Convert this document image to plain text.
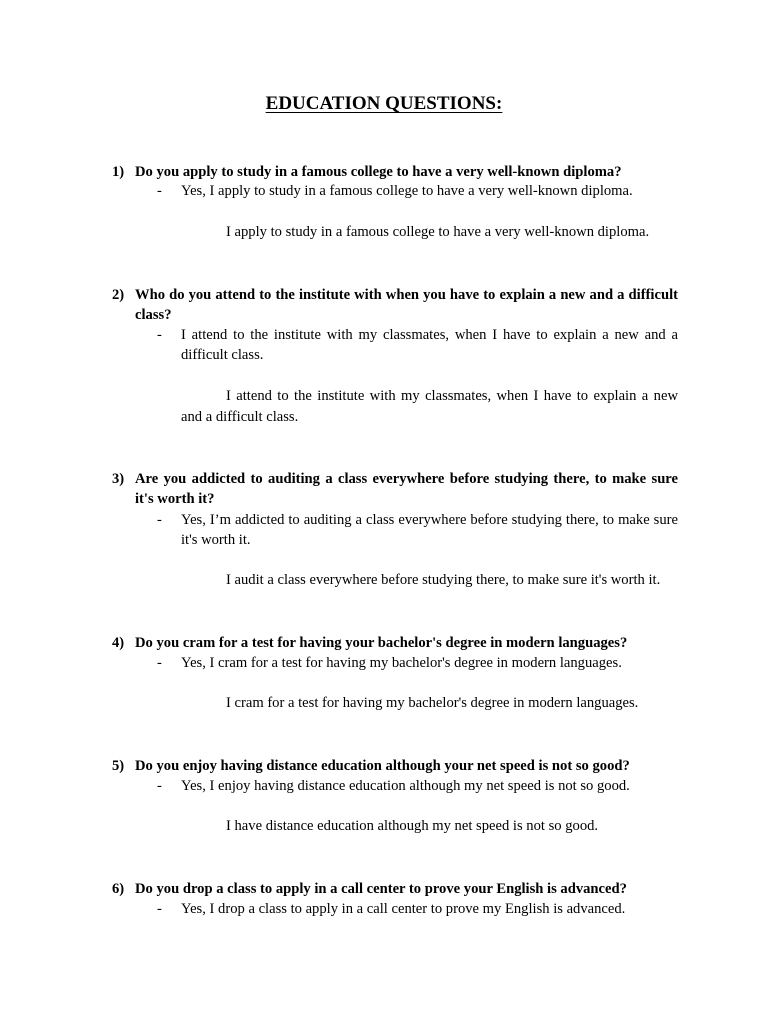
EDUCATION QUESTIONS:
1) Do you apply to study in a famous college to have a very well-known diploma?
- Yes, I apply to study in a famous college to have a very well-known diploma.
I apply to study in a famous college to have a very well-known diploma.
2) Who do you attend to the institute with when you have to explain a new and a difficult class?
- I attend to the institute with my classmates, when I have to explain a new and a difficult class.
I attend to the institute with my classmates, when I have to explain a new and a difficult class.
3) Are you addicted to auditing a class everywhere before studying there, to make sure it's worth it?
- Yes, I’m addicted to auditing a class everywhere before studying there, to make sure it's worth it.
I audit a class everywhere before studying there, to make sure it's worth it.
4) Do you cram for a test for having your bachelor's degree in modern languages?
- Yes, I cram for a test for having my bachelor's degree in modern languages.
I cram for a test for having my bachelor's degree in modern languages.
5) Do you enjoy having distance education although your net speed is not so good?
- Yes, I enjoy having distance education although my net speed is not so good.
I have distance education although my net speed is not so good.
6) Do you drop a class to apply in a call center to prove your English is advanced?
- Yes, I drop a class to apply in a call center to prove my English is advanced.
